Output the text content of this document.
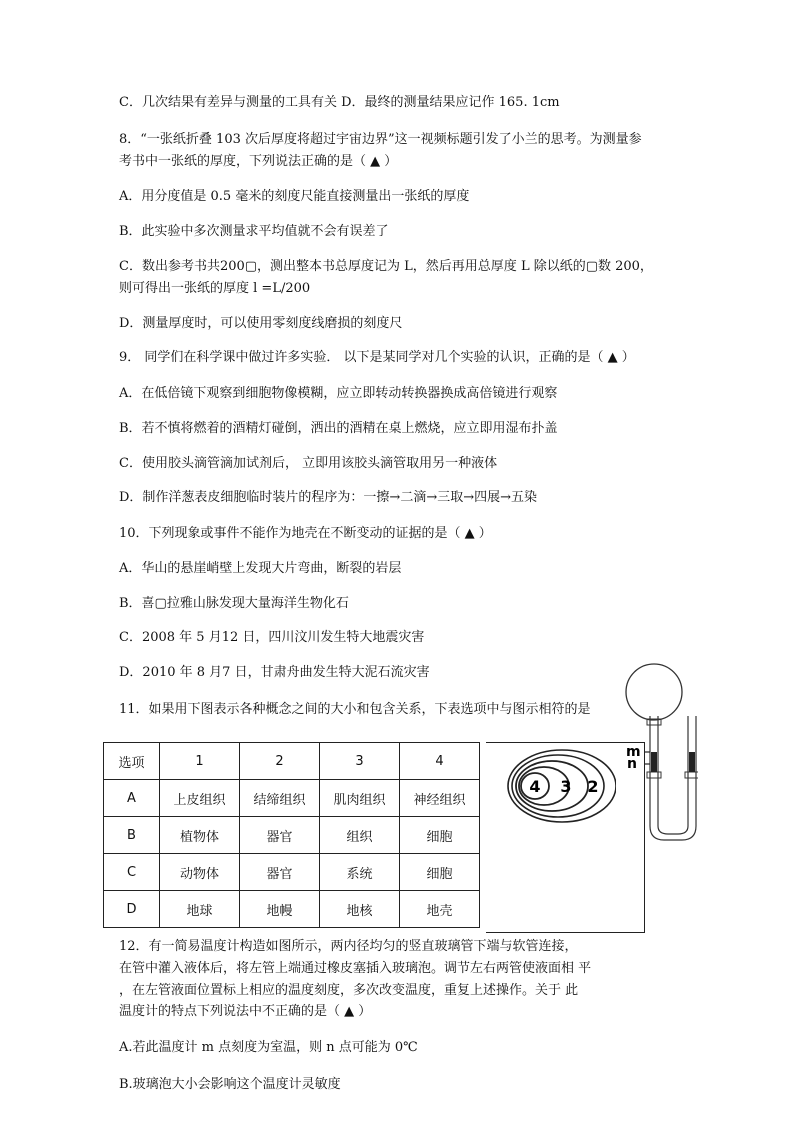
C．几次结果有差异与测量的工具有关 D．最终的测量结果应记作 165. 1cm
8．“一张纸折叠 103 次后厚度将超过宇宙边界”这一视频标题引发了小兰的思考。为测量参
考书中一张纸的厚度，下列说法正确的是（ ▲ ）
A．用分度值是 0.5 毫米的刻度尺能直接测量出一张纸的厚度
B．此实验中多次测量求平均值就不会有误差了
C．数出参考书共200▢，测出整本书总厚度记为 L，然后再用总厚度 L 除以纸的▢数 200，
则可得出一张纸的厚度 l =L/200
D．测量厚度时，可以使用零刻度线磨损的刻度尺
9． 同学们在科学课中做过许多实验． 以下是某同学对几个实验的认识，正确的是（ ▲ ）
A．在低倍镜下观察到细胞物像模糊，应立即转动转换器换成高倍镜进行观察
B．若不慎将燃着的酒精灯碰倒，洒出的酒精在桌上燃烧，应立即用湿布扑盖
C．使用胶头滴管滴加试剂后， 立即用该胶头滴管取用另一种液体
D．制作洋葱表皮细胞临时装片的程序为：一擦→二滴→三取→四展→五染
10．下列现象或事件不能作为地壳在不断变动的证据的是（ ▲ ）
A．华山的悬崖峭壁上发现大片弯曲，断裂的岩层
B．喜▢拉雅山脉发现大量海洋生物化石
C．2008 年 5 月12 日，四川汶川发生特大地震灾害
D．2010 年 8 月7 日，甘肃舟曲发生特大泥石流灾害
11．如果用下图表示各种概念之间的大小和包含关系，下表选项中与图示相符的是
选项	1	2	3	4
A	上皮组织	结缔组织	肌肉组织	神经组织
B	植物体	器官	组织	细胞
C	动物体	器官	系统	细胞
D	地球	地幔	地核	地壳
4 3 2
m
n
12．有一简易温度计构造如图所示，两内径均匀的竖直玻璃管下端与软管连接，
在管中灌入液体后，将左管上端通过橡皮塞插入玻璃泡。调节左右两管使液面相 平
，在左管液面位置标上相应的温度刻度，多次改变温度，重复上述操作。关于 此
温度计的特点下列说法中不正确的是（ ▲ ）
A.若此温度计 m 点刻度为室温，则 n 点可能为 0℃
B.玻璃泡大小会影响这个温度计灵敏度
